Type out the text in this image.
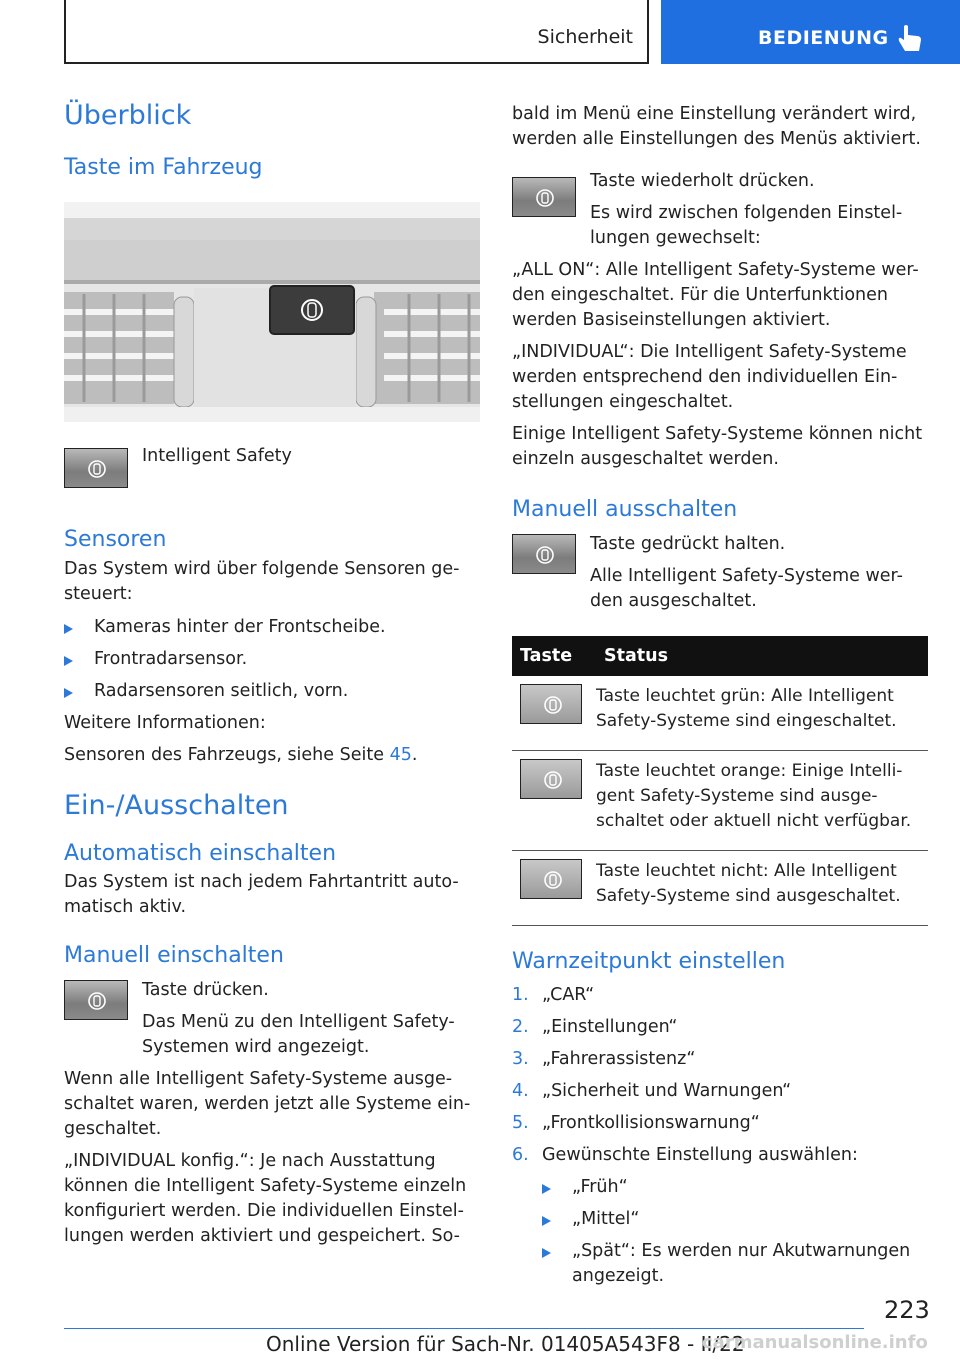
Sicherheit	BEDIENUNG
Überblick
Taste im Fahrzeug
Intelligent Safety
Sensoren
Das System wird über folgende Sensoren ge-steuert:
Kameras hinter der Frontscheibe.
Frontradarsensor.
Radarsensoren seitlich, vorn.
Weitere Informationen:
Sensoren des Fahrzeugs, siehe Seite 45.
Ein-/Ausschalten
Automatisch einschalten
Das System ist nach jedem Fahrtantritt auto-matisch aktiv.
Manuell einschalten
Taste drücken.
Das Menü zu den Intelligent Safety-Systemen wird angezeigt.
Wenn alle Intelligent Safety-Systeme ausge-schaltet waren, werden jetzt alle Systeme ein-geschaltet.
„INDIVIDUAL konfig.“: Je nach Ausstattung können die Intelligent Safety-Systeme einzeln konfiguriert werden. Die individuellen Einstel-lungen werden aktiviert und gespeichert. So-
bald im Menü eine Einstellung verändert wird, werden alle Einstellungen des Menüs aktiviert.
Taste wiederholt drücken.
Es wird zwischen folgenden Einstel-lungen gewechselt:
„ALL ON“: Alle Intelligent Safety-Systeme wer-den eingeschaltet. Für die Unterfunktionen werden Basiseinstellungen aktiviert.
„INDIVIDUAL“: Die Intelligent Safety-Systeme werden entsprechend den individuellen Ein-stellungen eingeschaltet.
Einige Intelligent Safety-Systeme können nicht einzeln ausgeschaltet werden.
Manuell ausschalten
Taste gedrückt halten.
Alle Intelligent Safety-Systeme wer-den ausgeschaltet.
Taste	Status

	Taste leuchtet grün: Alle Intelligent Safety-Systeme sind eingeschaltet.

	Taste leuchtet orange: Einige Intelli-gent Safety-Systeme sind ausge-schaltet oder aktuell nicht verfügbar.

	Taste leuchtet nicht: Alle Intelligent Safety-Systeme sind ausgeschaltet.
Warnzeitpunkt einstellen
1. „CAR“
2. „Einstellungen“
3. „Fahrerassistenz“
4. „Sicherheit und Warnungen“
5. „Frontkollisionswarnung“
6. Gewünschte Einstellung auswählen:
„Früh“
„Mittel“
„Spät“: Es werden nur Akutwarnungen angezeigt.
223
Online Version für Sach-Nr. 01405A543F8 - II/22
carmanualsonline.info
